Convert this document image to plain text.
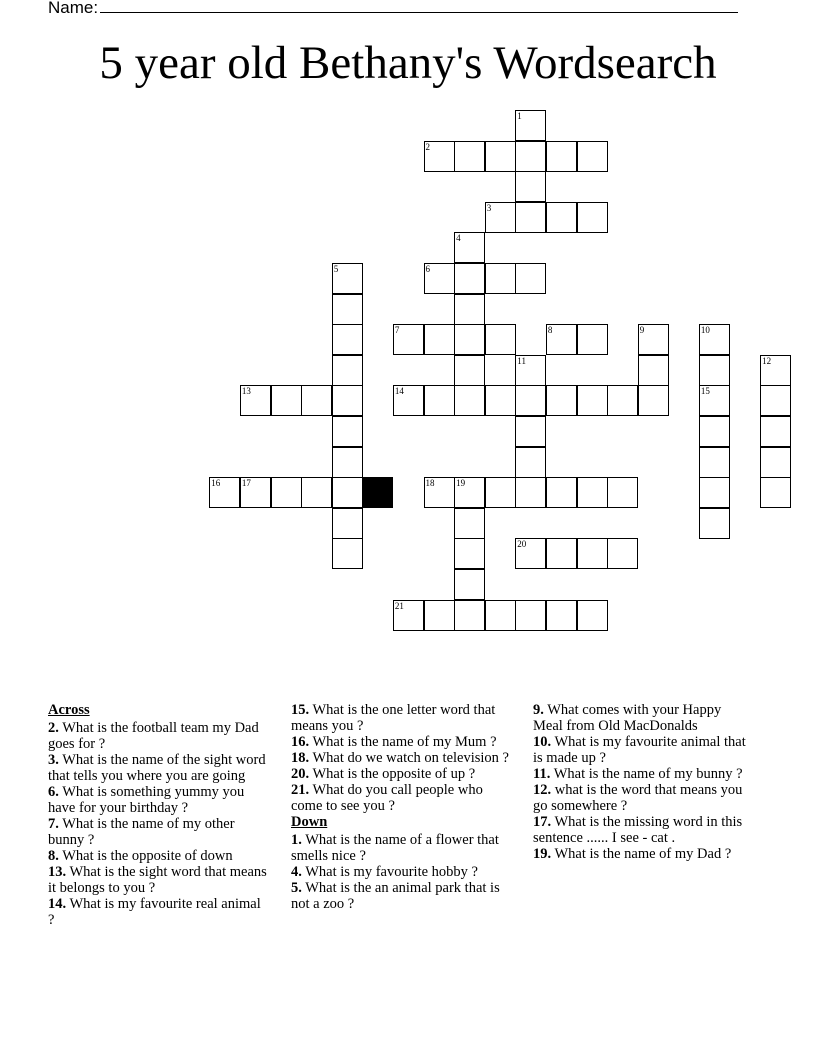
Name:
5 year old Bethany's Wordsearch
1
2
3
4
5	6
7	8	9	10
15
11	12
13	14
16 17	18 19
20
21
Across
2. What is the football team my Dad goes for ?
3. What is the name of the sight word that tells you where you are going
6. What is something yummy you have for your birthday ?
7. What is the name of my other bunny ?
8. What is the opposite of down
13. What is the sight word that means it belongs to you ?
14. What is my favourite real animal ?
15. What is the one letter word that means you ?
16. What is the name of my Mum ?
18. What do we watch on television ?
20. What is the opposite of up ?
21. What do you call people who come to see you ?
Down
1. What is the name of a flower that smells nice ?
4. What is my favourite hobby ?
5. What is the an animal park that is not a zoo ?
9. What comes with your Happy Meal from Old MacDonalds
10. What is my favourite animal that is made up ?
11. What is the name of my bunny ?
12. what is the word that means you go somewhere ?
17. What is the missing word in this sentence ...... I see - cat .
19. What is the name of my Dad ?
